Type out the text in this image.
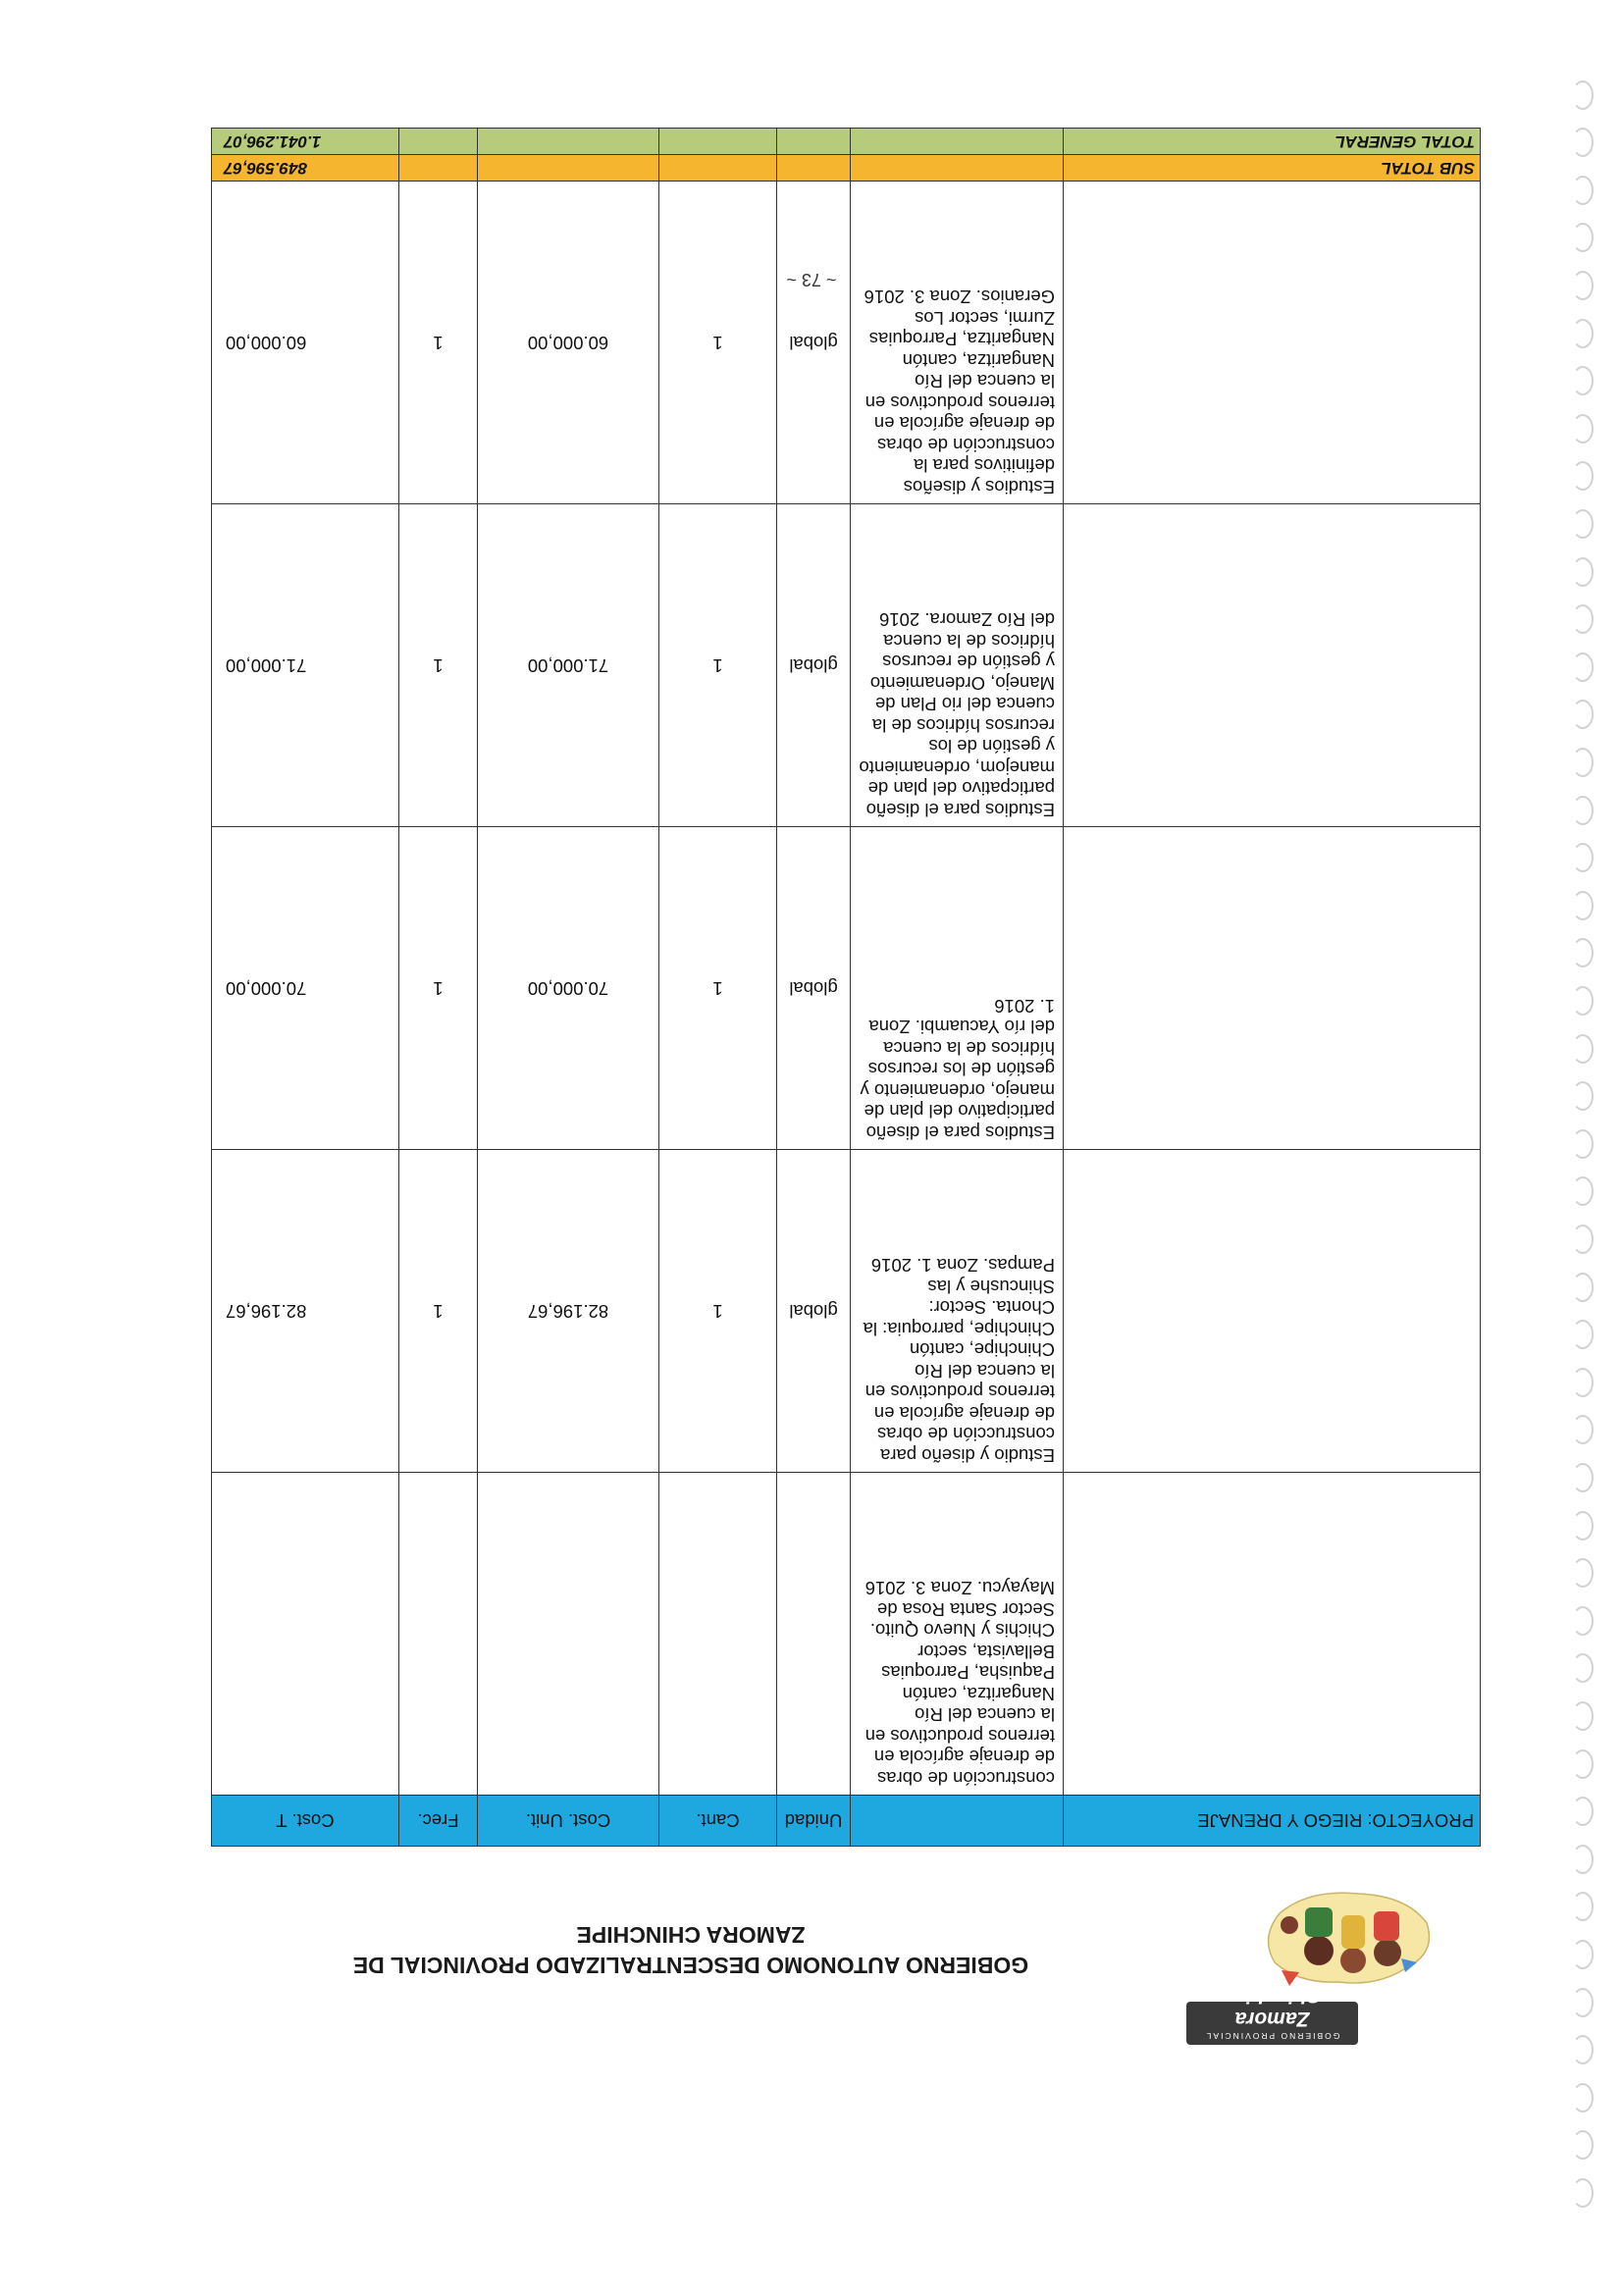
GOBIERNO PROVINCIAL
Zamora Chinchipe
GOBIERNO AUTONOMO DESCENTRALIZADO PROVINCIAL DE
ZAMORA CHINCHIPE
PROYECTO: RIEGO Y DRENAJE		Unidad	Cant.	Cost. Unit.	Frec.	Cost. T
	construcción de obras de drenaje agrícola en terrenos productivos en la cuenca del Río Nangaritza, cantón Paquisha, Parroquias Bellavista, sector Chichis y Nuevo Quito. Sector Santa Rosa de Mayaycu. Zona 3. 2016					
	Estudio y diseño para construcción de obras de drenaje agrícola en terrenos productivos en la cuenca del Río Chinchipe, cantón Chinchipe, parroquia: la Chonta. Sector: Shincushe y las Pampas. Zona 1. 2016	global	1	82.196,67	1	82.196,67
	Estudios para el diseño participativo del plan de manejo, ordenamiento y gestión de los recursos hídricos de la cuenca del río Yacuambi. Zona 1. 2016	global	1	70.000,00	1	70.000,00
	Estudios para el diseño particpativo del plan de manejom, ordenamiento y gestión de los recursos hídricos de la cuenca del rio Plan de Manejo, Ordenamiento y gestión de recursos hídricos de la cuenca del Río Zamora. 2016	global	1	71.000,00	1	71.000,00
	Estudios y diseños definitivos para la construcción de obras de drenaje agrícola en terrenos productivos en la cuenca del Río Nangaritza, cantón Nangaritza, Parroquias Zurmi, sector Los Geranios. Zona 3. 2016	global	1	60.000,00	1	60.000,00
SUB TOTAL						849.596,67
TOTAL GENERAL						1.041.296,07
~ 73 ~
